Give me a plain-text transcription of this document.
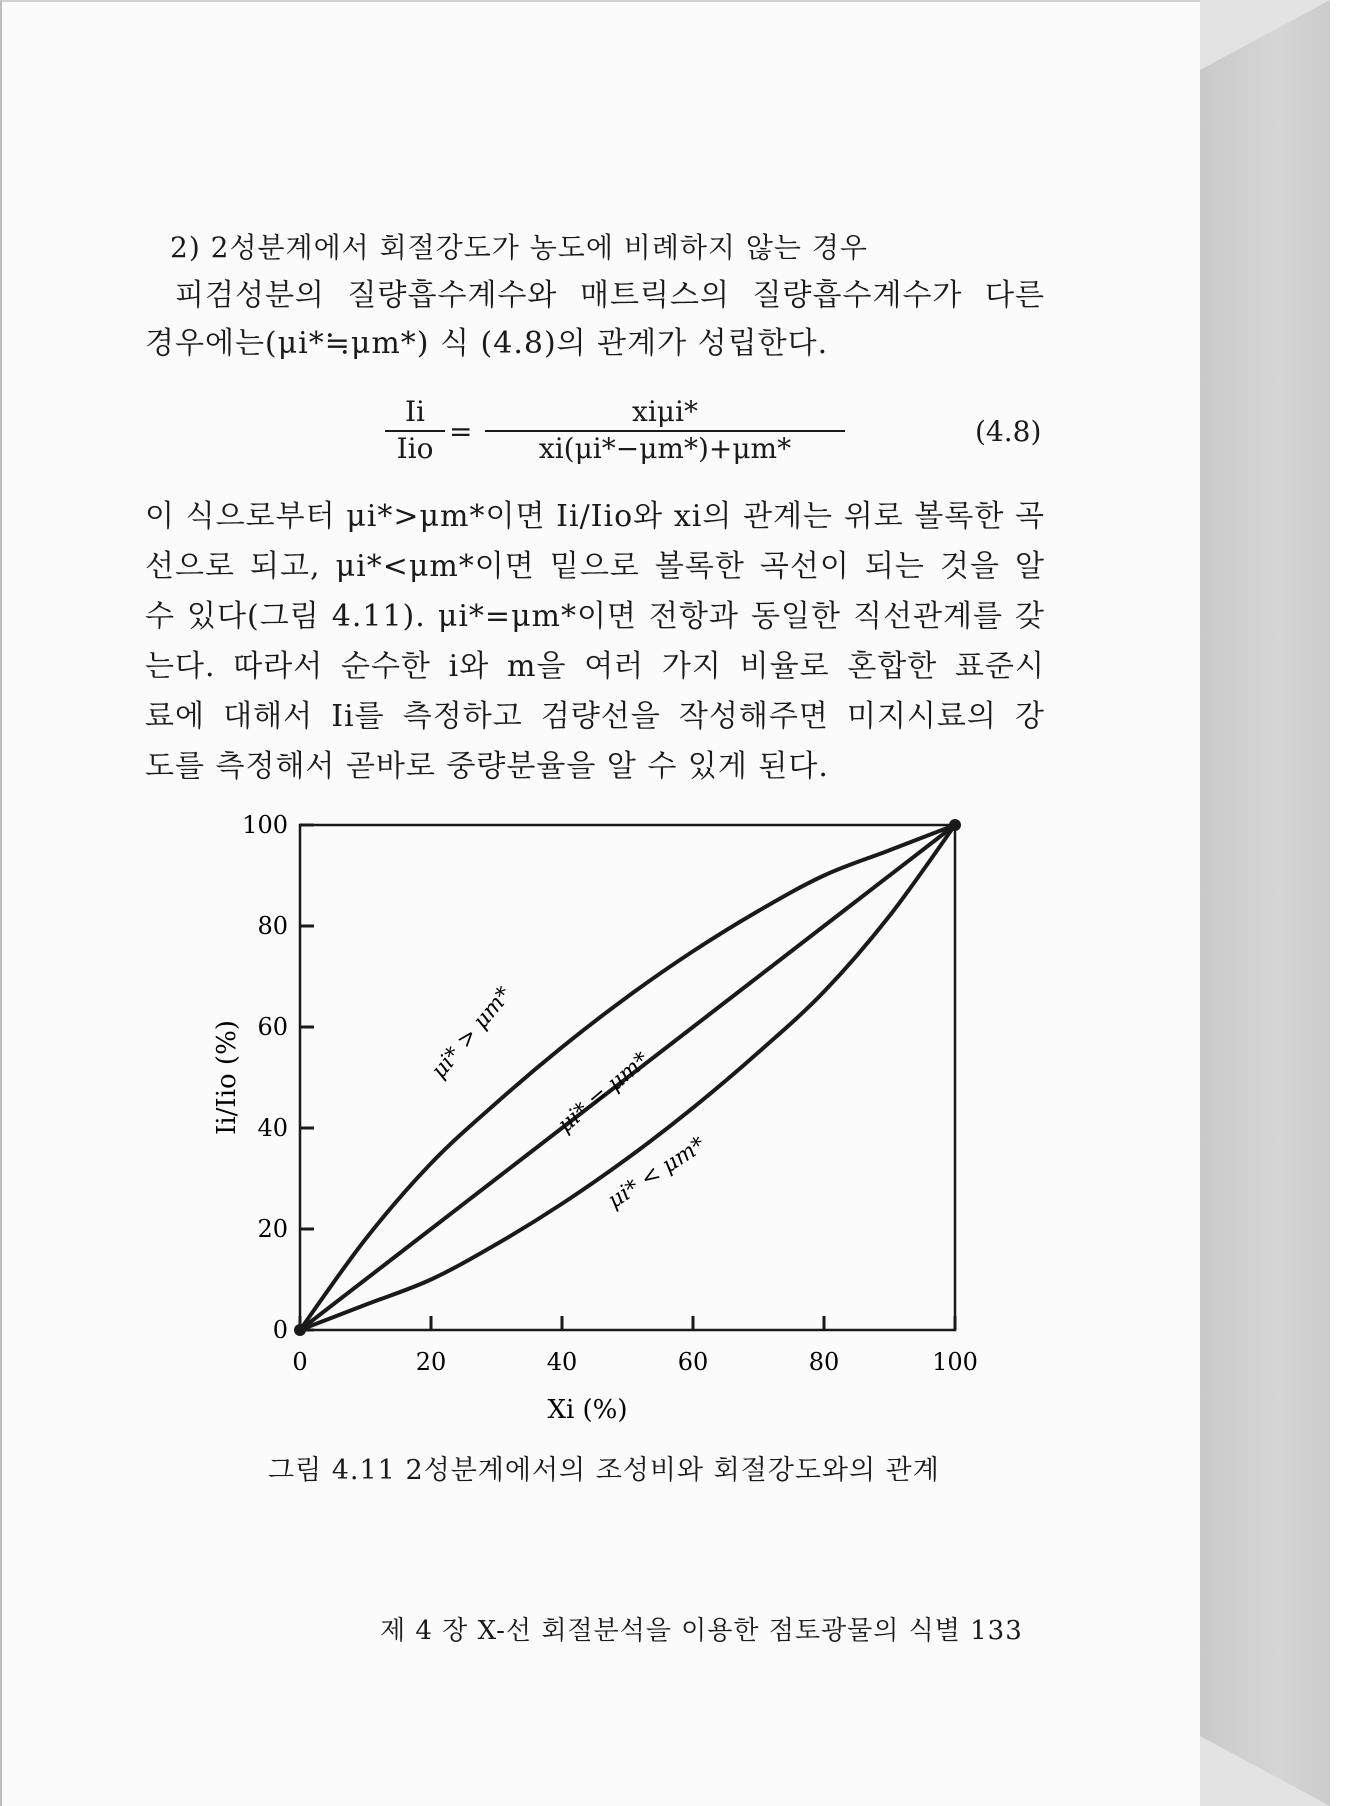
2) 2성분계에서 회절강도가 농도에 비례하지 않는 경우
피검성분의 질량흡수계수와 매트릭스의 질량흡수계수가 다른
경우에는(μi*≒μm*) 식 (4.8)의 관계가 성립한다.
Ii
Iio
=
xiμi*
xi(μi*−μm*)+μm*
(4.8)
이 식으로부터 μi*>μm*이면 Ii/Iio와 xi의 관계는 위로 볼록한 곡
선으로 되고, μi*<μm*이면 밑으로 볼록한 곡선이 되는 것을 알
수 있다(그림 4.11). μi*=μm*이면 전항과 동일한 직선관계를 갖
는다. 따라서 순수한 i와 m을 여러 가지 비율로 혼합한 표준시
료에 대해서 Ii를 측정하고 검량선을 작성해주면 미지시료의 강
도를 측정해서 곧바로 중량분율을 알 수 있게 된다.
0	20	40	60	80	100
0
20
40
60
80
100
Xi (%)
Ii/Iio (%)	μi* > μm*
μi* = μm*
μi* < μm*
그림 4.11 2성분계에서의 조성비와 회절강도와의 관계
제 4 장 X-선 회절분석을 이용한 점토광물의 식별 133
